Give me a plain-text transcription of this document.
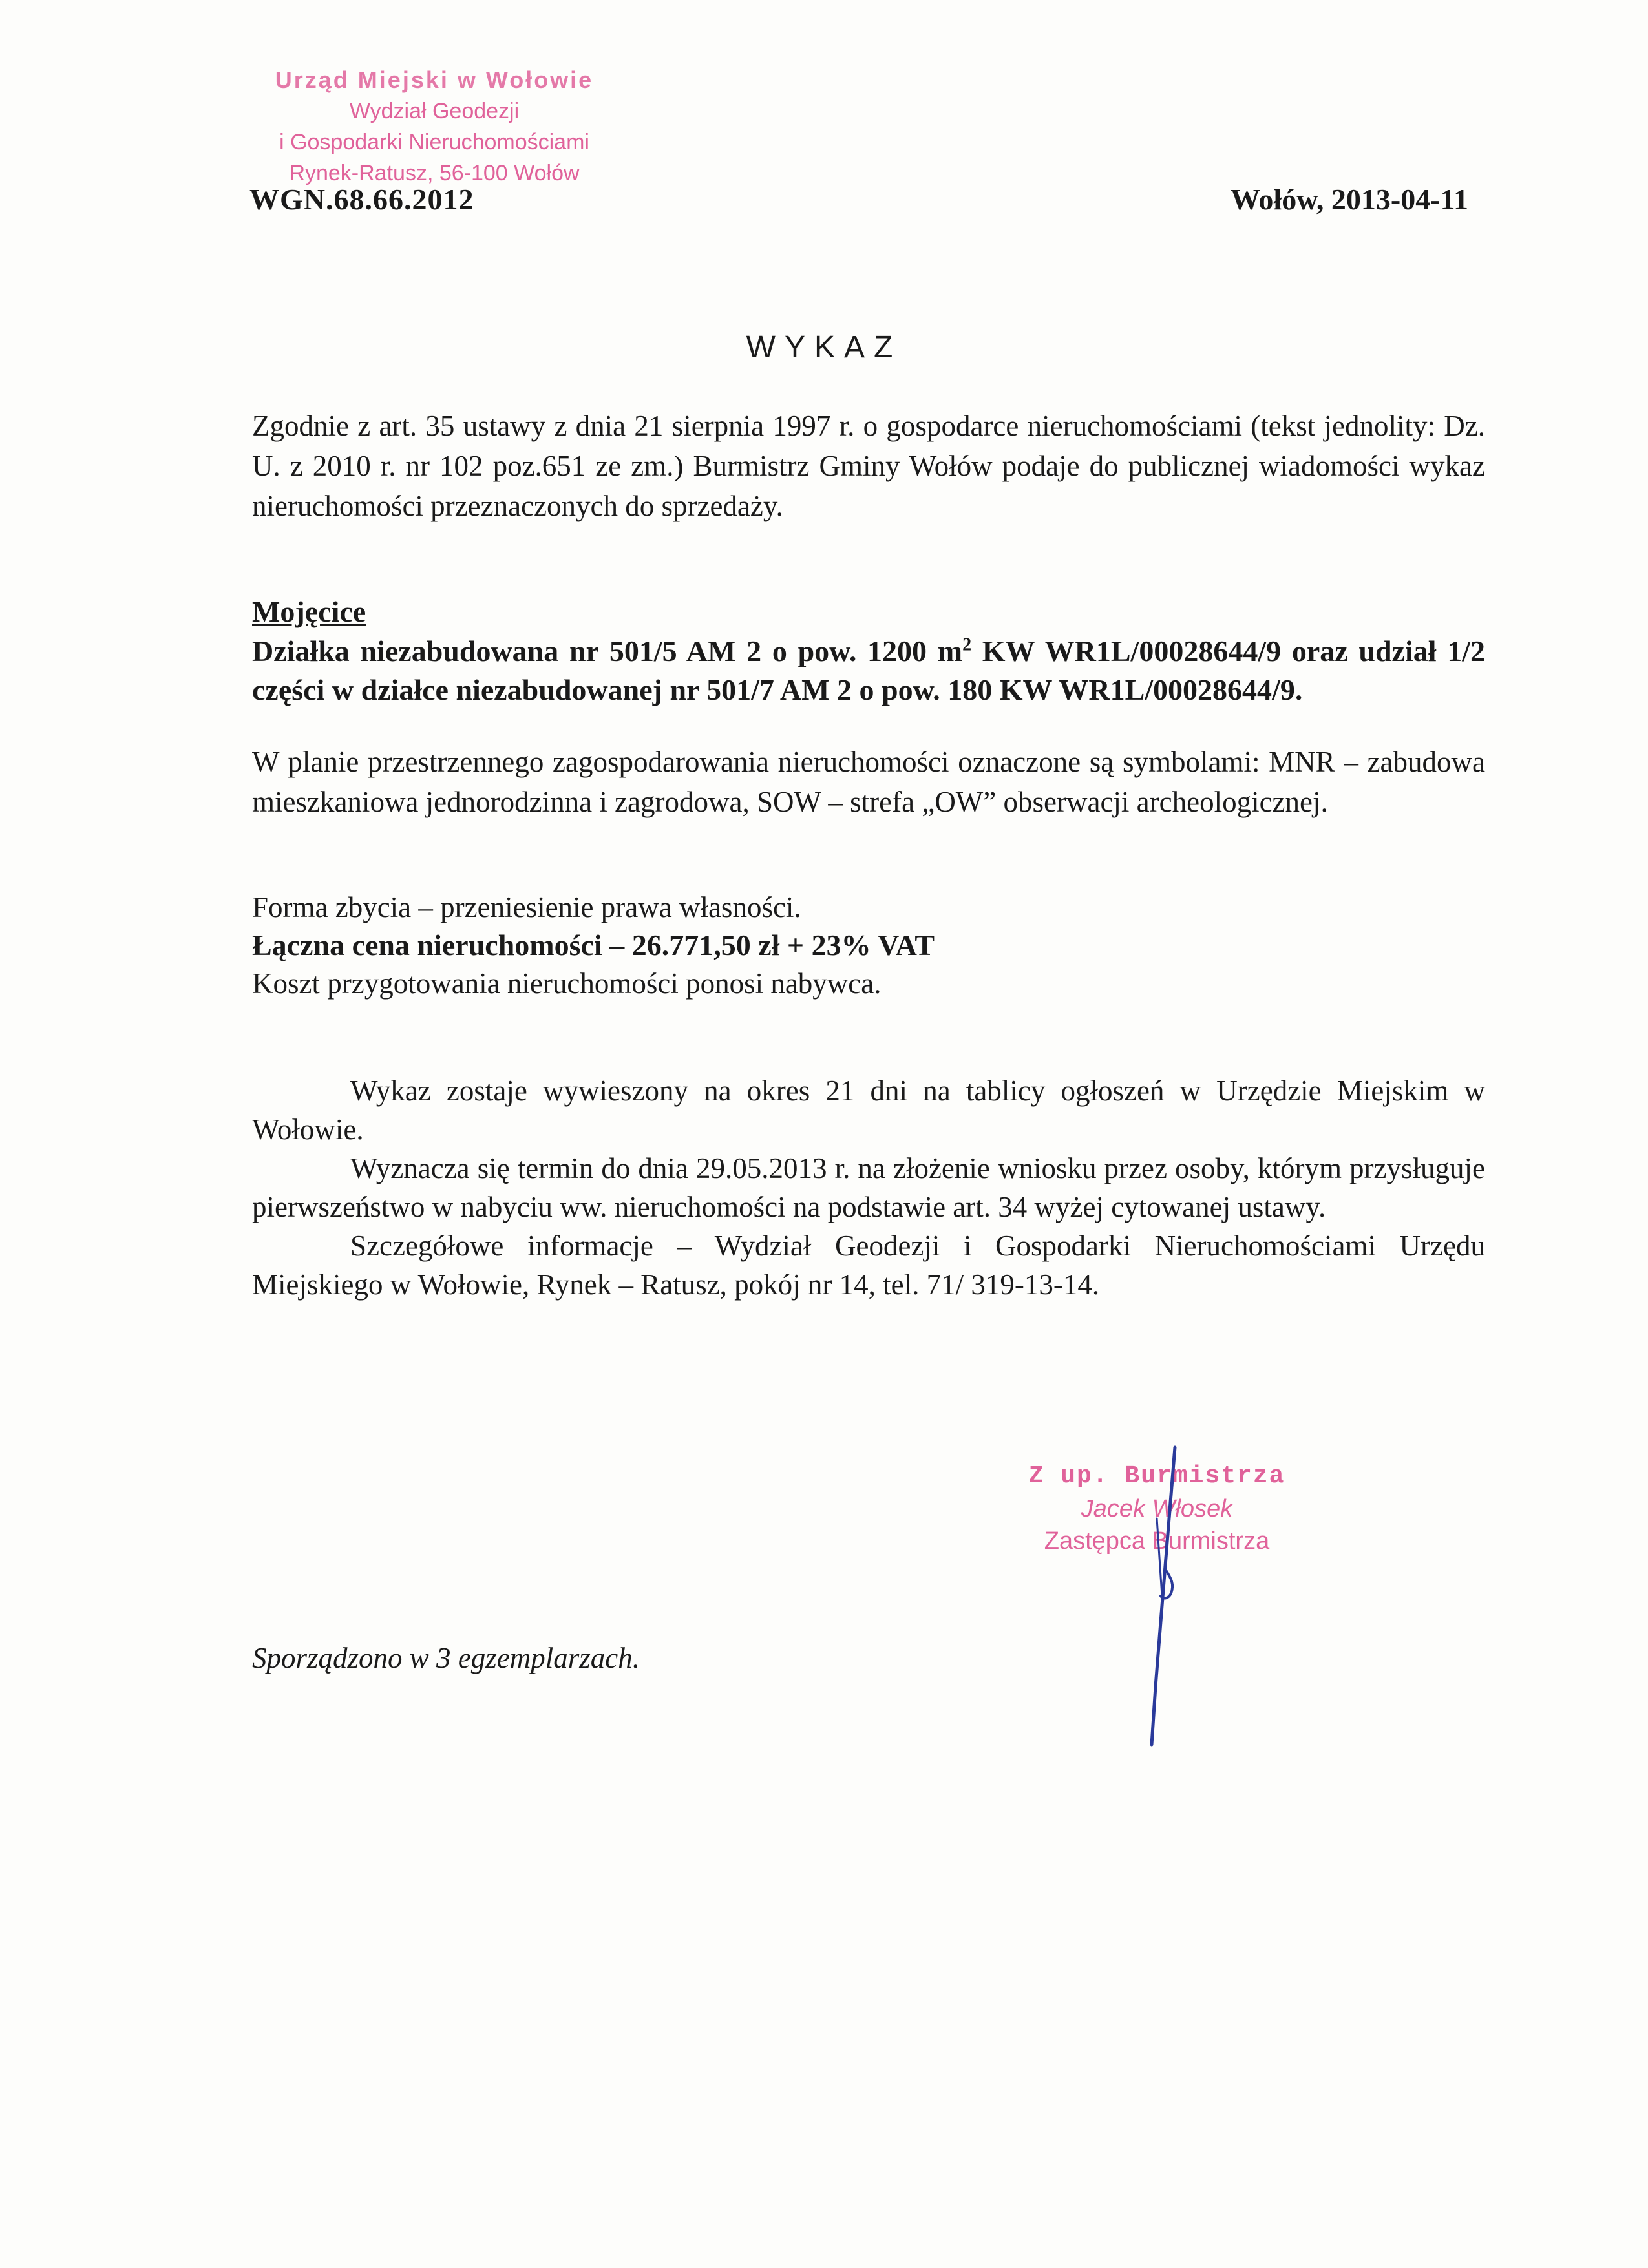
Urząd Miejski w Wołowie
Wydział Geodezji
i Gospodarki Nieruchomościami
Rynek-Ratusz, 56-100 Wołów
WGN.68.66.2012	Wołów, 2013-04-11
WYKAZ
Zgodnie z art. 35 ustawy z dnia 21 sierpnia 1997 r. o gospodarce nieruchomościami (tekst jednolity: Dz. U. z 2010 r. nr 102 poz.651 ze zm.) Burmistrz Gminy Wołów podaje do publicznej wiadomości wykaz nieruchomości przeznaczonych do sprzedaży.
Mojęcice
Działka niezabudowana nr 501/5 AM 2 o pow. 1200 $m^2$ KW WR1L/00028644/9 oraz udział 1/2 części w działce niezabudowanej nr 501/7 AM 2 o pow. 180 KW WR1L/00028644/9.
W planie przestrzennego zagospodarowania nieruchomości oznaczone są symbolami: MNR – zabudowa mieszkaniowa jednorodzinna i zagrodowa, SOW – strefa „OW” obserwacji archeologicznej.
Forma zbycia – przeniesienie prawa własności.
Łączna cena nieruchomości – 26.771,50 zł + 23% VAT
Koszt przygotowania nieruchomości ponosi nabywca.

Wykaz zostaje wywieszony na okres 21 dni na tablicy ogłoszeń w Urzędzie Miejskim w Wołowie.

Wyznacza się termin do dnia 29.05.2013 r. na złożenie wniosku przez osoby, którym przysługuje pierwszeństwo w nabyciu ww. nieruchomości na podstawie art. 34 wyżej cytowanej ustawy.

Szczegółowe informacje – Wydział Geodezji i Gospodarki Nieruchomościami Urzędu Miejskiego w Wołowie, Rynek – Ratusz, pokój nr 14, tel. 71/ 319-13-14.

Z up. Burmistrza
Jacek Włosek
Zastępca Burmistrza
Sporządzono w 3 egzemplarzach.
